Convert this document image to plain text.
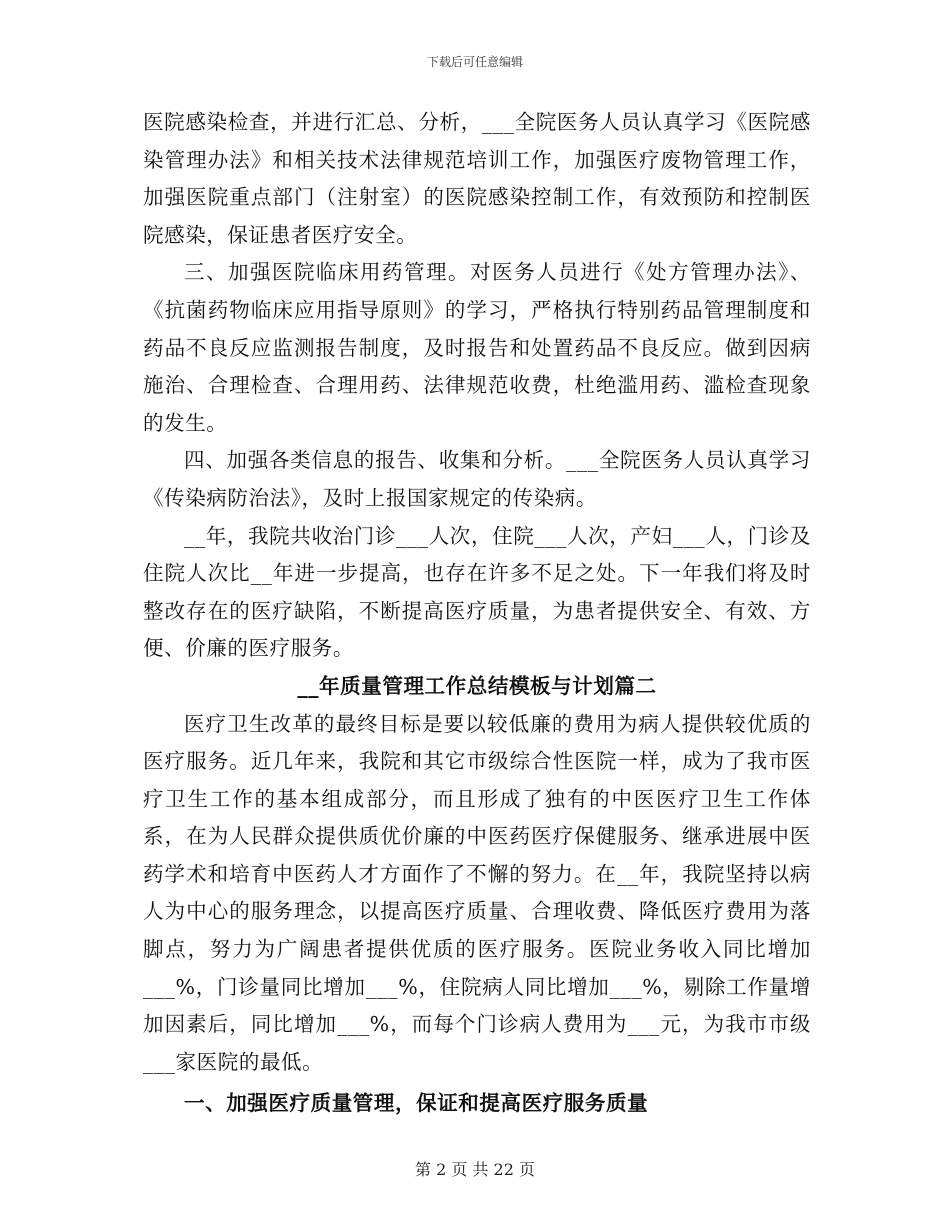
下载后可任意编辑

医院感染检查，并进行汇总、分析，___全院医务人员认真学习《医院感染管理办法》和相关技术法律规范培训工作，加强医疗废物管理工作，加强医院重点部门（注射室）的医院感染控制工作，有效预防和控制医院感染，保证患者医疗安全。

三、加强医院临床用药管理。对医务人员进行《处方管理办法》、《抗菌药物临床应用指导原则》的学习，严格执行特别药品管理制度和药品不良反应监测报告制度，及时报告和处置药品不良反应。做到因病施治、合理检查、合理用药、法律规范收费，杜绝滥用药、滥检查现象的发生。

四、加强各类信息的报告、收集和分析。___全院医务人员认真学习《传染病防治法》，及时上报国家规定的传染病。

__年，我院共收治门诊___人次，住院___人次，产妇___人，门诊及住院人次比__年进一步提高，也存在许多不足之处。下一年我们将及时整改存在的医疗缺陷，不断提高医疗质量，为患者提供安全、有效、方便、价廉的医疗服务。

__年质量管理工作总结模板与计划篇二

医疗卫生改革的最终目标是要以较低廉的费用为病人提供较优质的医疗服务。近几年来，我院和其它市级综合性医院一样，成为了我市医疗卫生工作的基本组成部分，而且形成了独有的中医医疗卫生工作体系，在为人民群众提供质优价廉的中医药医疗保健服务、继承进展中医药学术和培育中医药人才方面作了不懈的努力。在__年，我院坚持以病人为中心的服务理念，以提高医疗质量、合理收费、降低医疗费用为落脚点，努力为广阔患者提供优质的医疗服务。医院业务收入同比增加___%，门诊量同比增加___%，住院病人同比增加___%，剔除工作量增加因素后，同比增加___%，而每个门诊病人费用为___元，为我市市级___家医院的最低。

一、加强医疗质量管理，保证和提高医疗服务质量

第 2 页 共 22 页
